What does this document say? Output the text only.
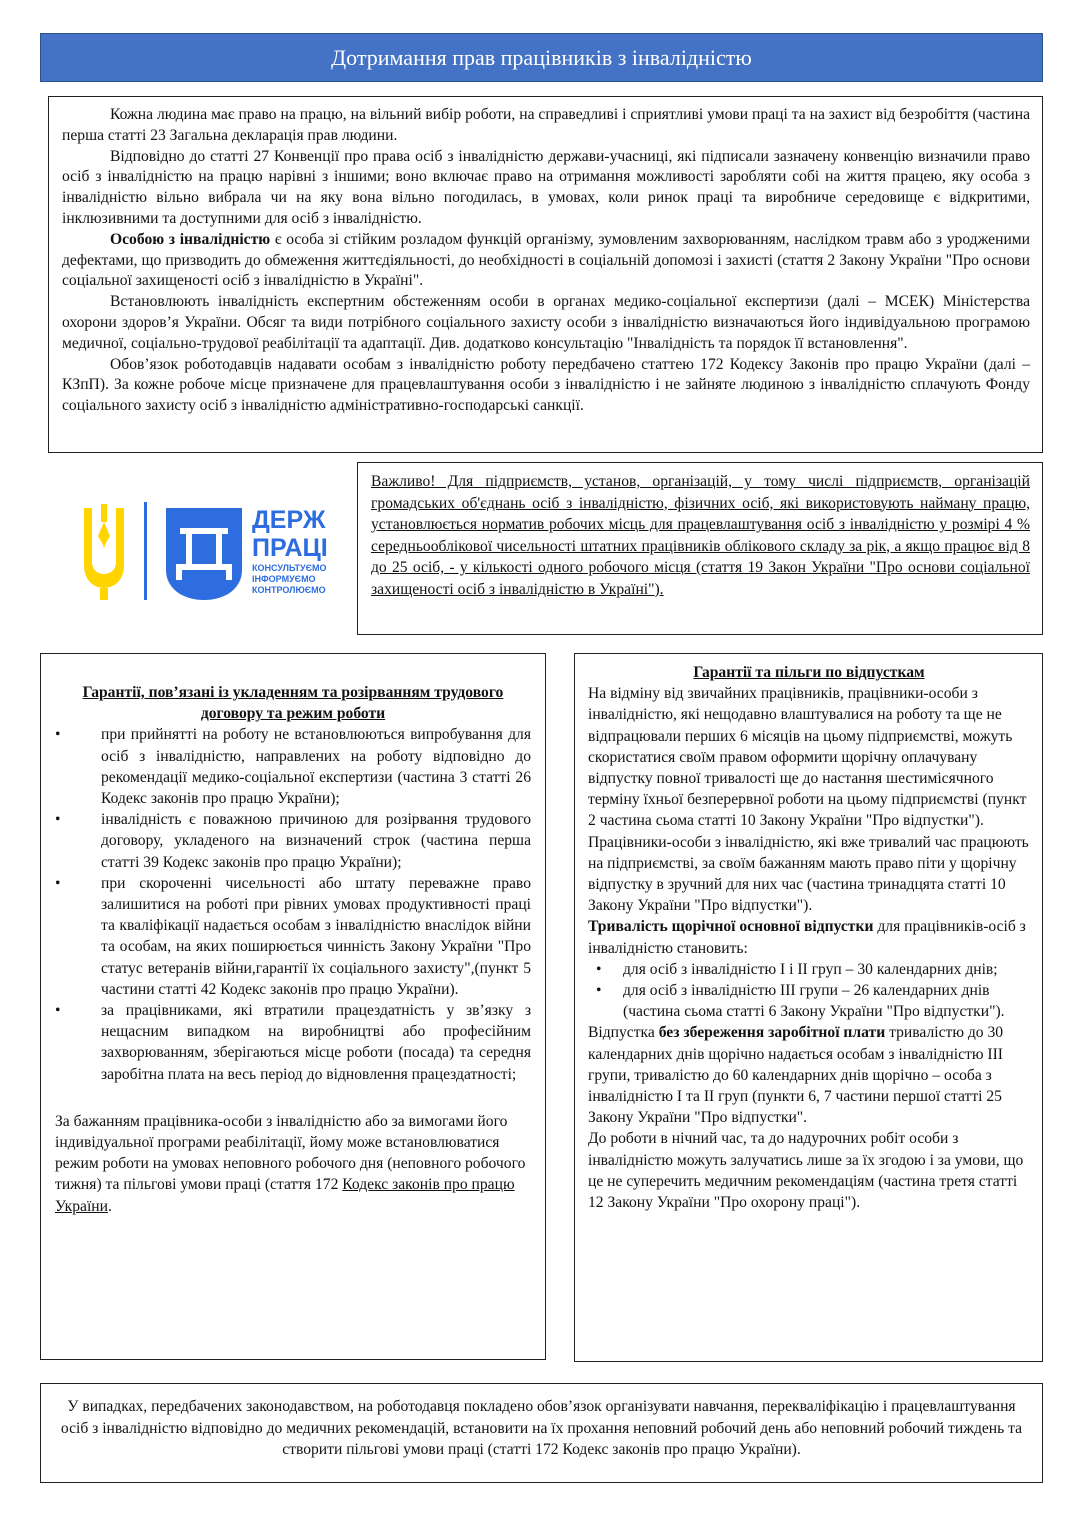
Дотримання прав працівників з інвалідністю

Кожна людина має право на працю, на вільний вибір роботи, на справедливі і сприятливі умови праці та на захист від безробіття (частина перша статті 23 Загальна декларація прав людини.

Відповідно до статті 27 Конвенції про права осіб з інвалідністю держави-учасниці, які підписали зазначену конвенцію визначили право осіб з інвалідністю на працю нарівні з іншими; воно включає право на отримання можливості заробляти собі на життя працею, яку особа з інвалідністю вільно вибрала чи на яку вона вільно погодилась, в умовах, коли ринок праці та виробниче середовище є відкритими, інклюзивними та доступними для осіб з інвалідністю.

Особою з інвалідністю є особа зі стійким розладом функцій організму, зумовленим захворюванням, наслідком травм або з уродженими дефектами, що призводить до обмеження життєдіяльності, до необхідності в соціальній допомозі і захисті (стаття 2 Закону України "Про основи соціальної захищеності осіб з інвалідністю в Україні".

Встановлюють інвалідність експертним обстеженням особи в органах медико-соціальної експертизи (далі – МСЕК) Міністерства охорони здоров’я України. Обсяг та види потрібного соціального захисту особи з інвалідністю визначаються його індивідуальною програмою медичної, соціально-трудової реабілітації та адаптації. Див. додатково консультацію "Інвалідність та порядок її встановлення".

Обов’язок роботодавців надавати особам з інвалідністю роботу передбачено статтею 172 Кодексу Законів про працю України (далі – КЗпП). За кожне робоче місце призначене для працевлаштування особи з інвалідністю і не зайняте людиною з інвалідністю сплачують Фонду соціального захисту осіб з інвалідністю адміністративно-господарські санкції.

ДЕРЖ
ПРАЦІ
КОНСУЛЬТУЄМО
ІНФОРМУЄМО
КОНТРОЛЮЄМО
Важливо! Для підприємств, установ, організацій, у тому числі підприємств, організацій громадських об'єднань осіб з інвалідністю, фізичних осіб, які використовують найману працю, установлюється норматив робочих місць для працевлаштування осіб з інвалідністю у розмірі 4 % середньооблікової чисельності штатних працівників облікового складу за рік, а якщо працює від 8 до 25 осіб, - у кількості одного робочого місця (стаття 19 Закон України "Про основи соціальної захищеності осіб з інвалідністю в Україні").

Гарантії, пов’язані із укладенням та розірванням трудового договору та режим роботи

• при прийнятті на роботу не встановлюються випробування для осіб з інвалідністю, направлених на роботу відповідно до рекомендації медико-соціальної експертизи (частина 3 статті 26 Кодекс законів про працю України);
• інвалідність є поважною причиною для розірвання трудового договору, укладеного на визначений строк (частина перша статті 39 Кодекс законів про працю України);
• при скороченні чисельності або штату переважне право залишитися на роботі при рівних умовах продуктивності праці та кваліфікації надається особам з інвалідністю внаслідок війни та особам, на яких поширюється чинність Закону України "Про статус ветеранів війни,гарантії їх соціального захисту",(пункт 5 частини статті 42 Кодекс законів про працю України).
• за працівниками, які втратили працездатність у зв’язку з нещасним випадком на виробництві або професійним захворюванням, зберігаються місце роботи (посада) та середня заробітна плата на весь період до відновлення працездатності;

За бажанням працівника-особи з інвалідністю або за вимогами його індивідуальної програми реабілітації, йому може встановлюватися режим роботи на умовах неповного робочого дня (неповного робочого тижня) та пільгові умови праці (стаття 172 Кодекс законів про працю України.

Гарантії та пільги по відпусткам

На відміну від звичайних працівників, працівники-особи з інвалідністю, які нещодавно влаштувалися на роботу та ще не відпрацювали перших 6 місяців на цьому підприємстві, можуть скористатися своїм правом оформити щорічну оплачувану відпустку повної тривалості ще до настання шестимісячного терміну їхньої безперервної роботи на цьому підприємстві (пункт 2 частина сьома статті 10 Закону України "Про відпустки").

Працівники-особи з інвалідністю, які вже тривалий час працюють на підприємстві, за своїм бажанням мають право піти у щорічну відпустку в зручний для них час (частина тринадцята статті 10 Закону України "Про відпустки").

Тривалість щорічної основної відпустки для працівників-осіб з інвалідністю становить:

• для осіб з інвалідністю I і II груп – 30 календарних днів;
• для осіб з інвалідністю III групи – 26 календарних днів (частина сьома статті 6 Закону України "Про відпустки").

Відпустка без збереження заробітної плати тривалістю до 30 календарних днів щорічно надається особам з інвалідністю III групи, тривалістю до 60 календарних днів щорічно – особа з інвалідністю I та II груп (пункти 6, 7 частини першої статті 25 Закону України "Про відпустки".

До роботи в нічний час, та до надурочних робіт особи з інвалідністю можуть залучатись лише за їх згодою і за умови, що це не суперечить медичним рекомендаціям (частина третя статті 12 Закону України "Про охорону праці").

У випадках, передбачених законодавством, на роботодавця покладено обов’язок організувати навчання, перекваліфікацію і працевлаштування осіб з інвалідністю відповідно до медичних рекомендацій, встановити на їх прохання неповний робочий день або неповний робочий тиждень та створити пільгові умови праці (статті 172 Кодекс законів про працю України).
